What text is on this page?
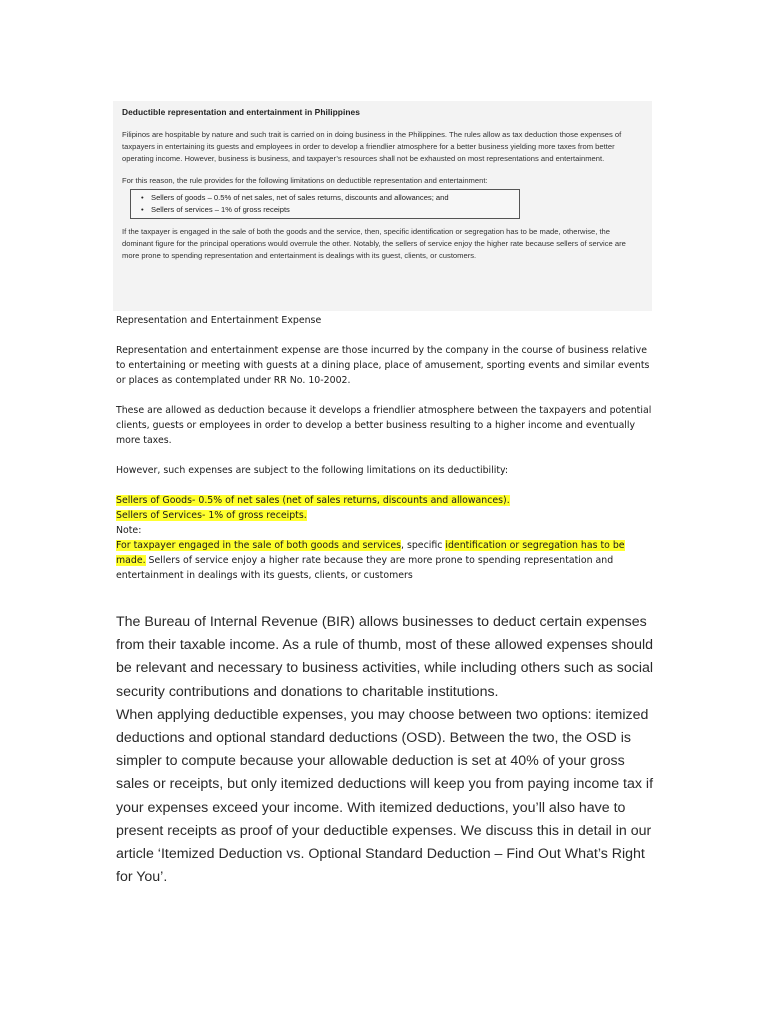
Deductible representation and entertainment in Philippines

Filipinos are hospitable by nature and such trait is carried on in doing business in the Philippines. The rules allow as tax deduction those expenses of taxpayers in entertaining its guests and employees in order to develop a friendlier atmosphere for a better business yielding more taxes from better operating income. However, business is business, and taxpayer’s resources shall not be exhausted on most representations and entertainment.

For this reason, the rule provides for the following limitations on deductible representation and entertainment:

• Sellers of goods – 0.5% of net sales, net of sales returns, discounts and allowances; and
• Sellers of services – 1% of gross receipts

If the taxpayer is engaged in the sale of both the goods and the service, then, specific identification or segregation has to be made, otherwise, the dominant figure for the principal operations would overrule the other. Notably, the sellers of service enjoy the higher rate because sellers of service are more prone to spending representation and entertainment is dealings with its guest, clients, or customers.

Representation and Entertainment Expense

Representation and entertainment expense are those incurred by the company in the course of business relative to entertaining or meeting with guests at a dining place, place of amusement, sporting events and similar events or places as contemplated under RR No. 10-2002.

These are allowed as deduction because it develops a friendlier atmosphere between the taxpayers and potential clients, guests or employees in order to develop a better business resulting to a higher income and eventually more taxes.

However, such expenses are subject to the following limitations on its deductibility:

Sellers of Goods- 0.5% of net sales (net of sales returns, discounts and allowances).

Sellers of Services- 1% of gross receipts.

Note:

For taxpayer engaged in the sale of both goods and services, specific identification or segregation has to be made. Sellers of service enjoy a higher rate because they are more prone to spending representation and entertainment in dealings with its guests, clients, or customers

The Bureau of Internal Revenue (BIR) allows businesses to deduct certain expenses from their taxable income. As a rule of thumb, most of these allowed expenses should be relevant and necessary to business activities, while including others such as social security contributions and donations to charitable institutions.

When applying deductible expenses, you may choose between two options: itemized deductions and optional standard deductions (OSD). Between the two, the OSD is simpler to compute because your allowable deduction is set at 40% of your gross sales or receipts, but only itemized deductions will keep you from paying income tax if your expenses exceed your income. With itemized deductions, you’ll also have to present receipts as proof of your deductible expenses. We discuss this in detail in our article ‘Itemized Deduction vs. Optional Standard Deduction – Find Out What’s Right for You’.
